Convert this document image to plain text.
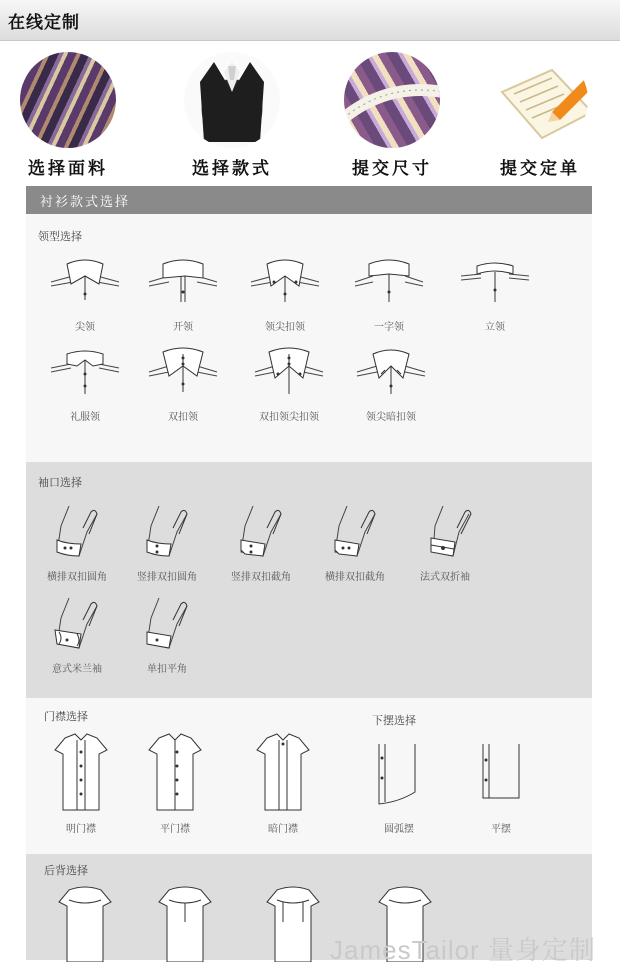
在线定制
选择面料	选择款式	提交尺寸	提交定单
衬衫款式选择
领型选择
尖领	开领	领尖扣领	一字领	立领
礼服领	双扣领	双扣领尖扣领	领尖暗扣领
袖口选择
横排双扣圆角	竖排双扣圆角	竖排双扣截角	横排双扣截角	法式双折袖
意式米兰袖	单扣平角
门襟选择	下摆选择
明门襟	平门襟	暗门襟	圆弧摆	平摆
后背选择
JamesTailor 量身定制
